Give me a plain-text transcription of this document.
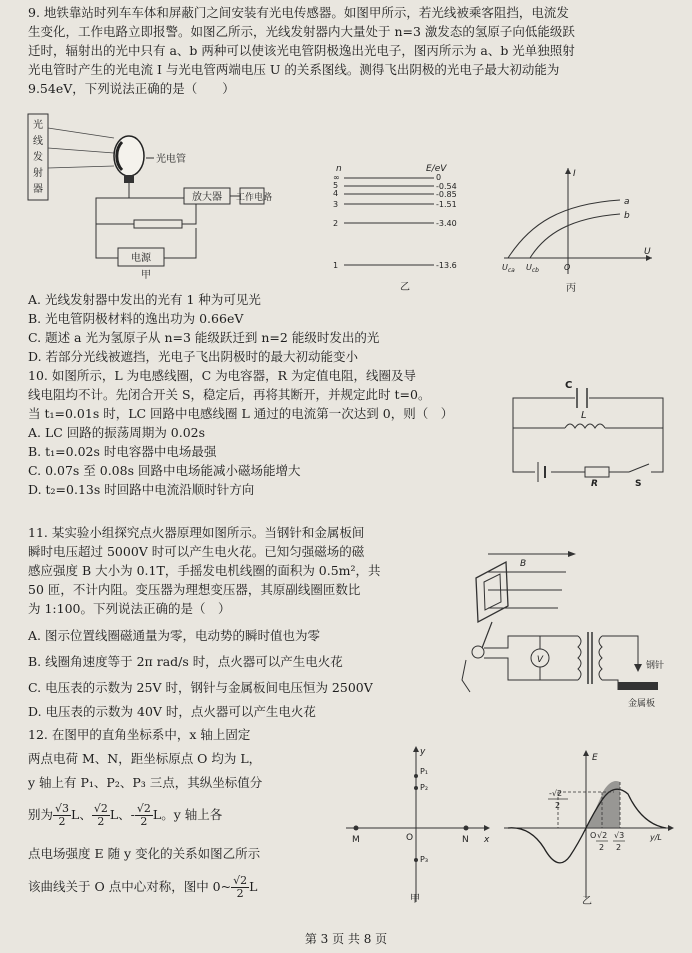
9. 地铁靠站时列车车体和屏蔽门之间安装有光电传感器。如图甲所示，若光线被乘客阻挡，电流发
生变化，工作电路立即报警。如图乙所示，光线发射器内大量处于 n=3 激发态的氢原子向低能级跃
迁时，辐射出的光中只有 a、b 两种可以使该光电管阴极逸出光电子，图丙所示为 a、b 光单独照射
光电管时产生的光电流 I 与光电管两端电压 U 的关系图线。测得飞出阴极的光电子最大初动能为
9.54eV，下列说法正确的是（　　）
光
线
发
射
器
光电管
放大器 工作电路
电源
甲
n	E/eV
∞	0
5	-0.54
4	-0.85
3	-1.51
2	-3.40
1	-13.6
乙
I
U
a
b
$U_{ca}$ $U_{cb}$	O
丙
A. 光线发射器中发出的光有 1 种为可见光
B. 光电管阴极材料的逸出功为 0.66eV
C. 题述 a 光为氢原子从 n=3 能级跃迁到 n=2 能级时发出的光
D. 若部分光线被遮挡，光电子飞出阴极时的最大初动能变小
10. 如图所示，L 为电感线圈，C 为电容器，R 为定值电阻，线圈及导
线电阻均不计。先闭合开关 S，稳定后，再将其断开，并规定此时 t=0。
当 t₁=0.01s 时，LC 回路中电感线圈 L 通过的电流第一次达到 0，则（　）
A. LC 回路的振荡周期为 0.02s
B. t₁=0.02s 时电容器中电场最强
C. 0.07s 至 0.08s 回路中电场能减小磁场能增大
D. t₂=0.13s 时回路中电流沿顺时针方向
C
L
R	S
11. 某实验小组探究点火器原理如图所示。当钢针和金属板间
瞬时电压超过 5000V 时可以产生电火花。已知匀强磁场的磁
感应强度 B 大小为 0.1T，手摇发电机线圈的面积为 0.5m²，共
50 匝，不计内阻。变压器为理想变压器，其原副线圈匝数比
为 1:100。下列说法正确的是（　）
A. 图示位置线圈磁通量为零，电动势的瞬时值也为零
B. 线圈角速度等于 2π rad/s 时，点火器可以产生电火花
C. 电压表的示数为 25V 时，钢针与金属板间电压恒为 2500V
D. 电压表的示数为 40V 时，点火器可以产生电火花
B
V
钢针
金属板
12. 在图甲的直角坐标系中，x 轴上固定
两点电荷 M、N，距坐标原点 O 均为 L，
y 轴上有 P₁、P₂、P₃ 三点，其纵坐标值分
别为 $\frac{√3}{2}$ L、 $\frac{√2}{2}$ L、- $\frac{√2}{2}$ L。y 轴上各
点电场强度 E 随 y 变化的关系如图乙所示
该曲线关于 O 点中心对称，图中 0~ $\frac{√2}{2}$ L
y
x
M	N
O
P₁
P₂
P₃
甲
E
y/L
O
-√2
2
√2
2
√3
2
乙
第 3 页 共 8 页
